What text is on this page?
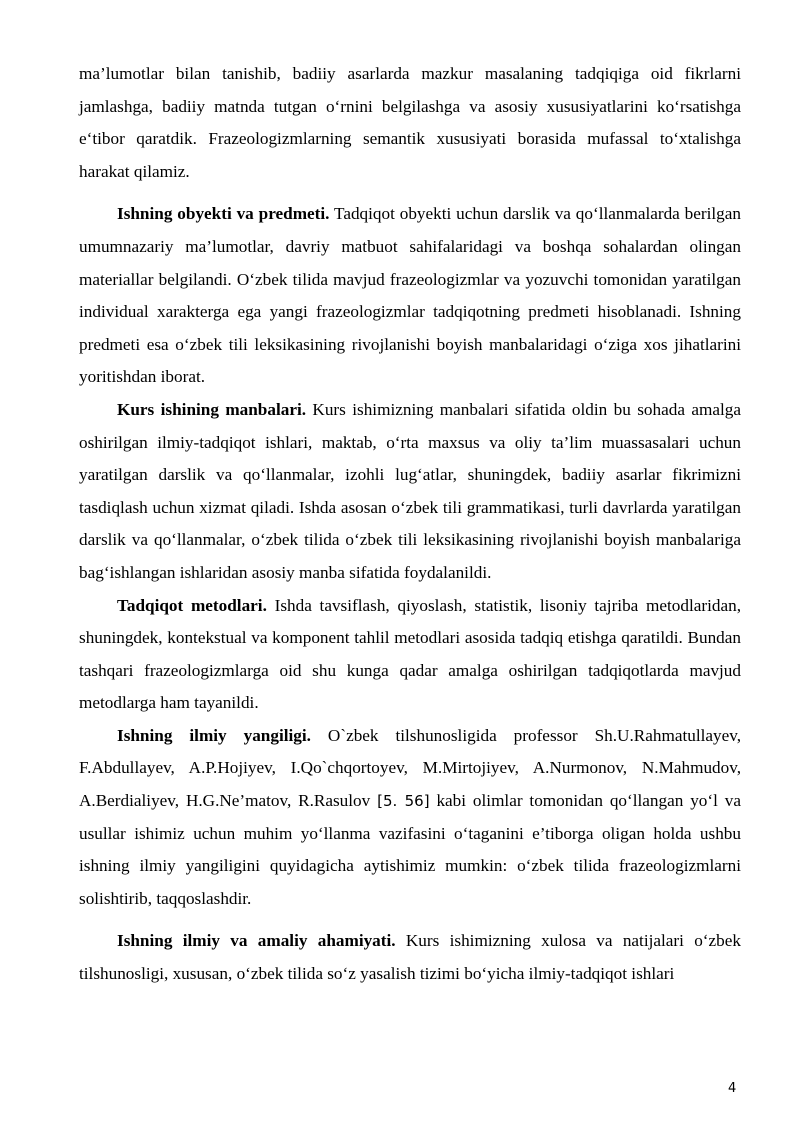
ma’lumotlar bilan tanishib, badiiy asarlarda mazkur masalaning tadqiqiga oid fikrlarni jamlashga, badiiy matnda tutgan o‘rnini belgilashga va asosiy xususiyatlarini ko‘rsatishga e‘tibor qaratdik. Frazeologizmlarning semantik xususiyati borasida mufassal to‘xtalishga harakat qilamiz.

Ishning obyekti va predmeti. Tadqiqot obyekti uchun darslik va qo‘llanmalarda berilgan umumnazariy ma’lumotlar, davriy matbuot sahifalaridagi va boshqa sohalardan olingan materiallar belgilandi. O‘zbek tilida mavjud frazeologizmlar va yozuvchi tomonidan yaratilgan individual xarakterga ega yangi frazeologizmlar tadqiqotning predmeti hisoblanadi. Ishning predmeti esa o‘zbek tili leksikasining rivojlanishi boyish manbalaridagi o‘ziga xos jihatlarini yoritishdan iborat.

Kurs ishining manbalari. Kurs ishimizning manbalari sifatida oldin bu sohada amalga oshirilgan ilmiy-tadqiqot ishlari, maktab, o‘rta maxsus va oliy ta’lim muassasalari uchun yaratilgan darslik va qo‘llanmalar, izohli lug‘atlar, shuningdek, badiiy asarlar fikrimizni tasdiqlash uchun xizmat qiladi. Ishda asosan o‘zbek tili grammatikasi, turli davrlarda yaratilgan darslik va qo‘llanmalar, o‘zbek tilida o‘zbek tili leksikasining rivojlanishi boyish manbalariga bag‘ishlangan ishlaridan asosiy manba sifatida foydalanildi.

Tadqiqot metodlari. Ishda tavsiflash, qiyoslash, statistik, lisoniy tajriba metodlaridan, shuningdek, kontekstual va komponent tahlil metodlari asosida tadqiq etishga qaratildi. Bundan tashqari frazeologizmlarga oid shu kunga qadar amalga oshirilgan tadqiqotlarda mavjud metodlarga ham tayanildi.

Ishning ilmiy yangiligi. O`zbek tilshunosligida professor Sh.U.Rahmatullayev, F.Abdullayev, A.P.Hojiyev, I.Qo`chqortoyev, M.Mirtojiyev, A.Nurmonov, N.Mahmudov, A.Berdialiyev, H.G.Ne’matov, R.Rasulov [5. 56] kabi olimlar tomonidan qo‘llangan yo‘l va usullar ishimiz uchun muhim yo‘llanma vazifasini o‘taganini e’tiborga oligan holda ushbu ishning ilmiy yangiligini quyidagicha aytishimiz mumkin: o‘zbek tilida frazeologizmlarni solishtirib, taqqoslashdir.

Ishning ilmiy va amaliy ahamiyati. Kurs ishimizning xulosa va natijalari o‘zbek tilshunosligi, xususan, o‘zbek tilida so‘z yasalish tizimi bo‘yicha ilmiy-tadqiqot ishlari

4
